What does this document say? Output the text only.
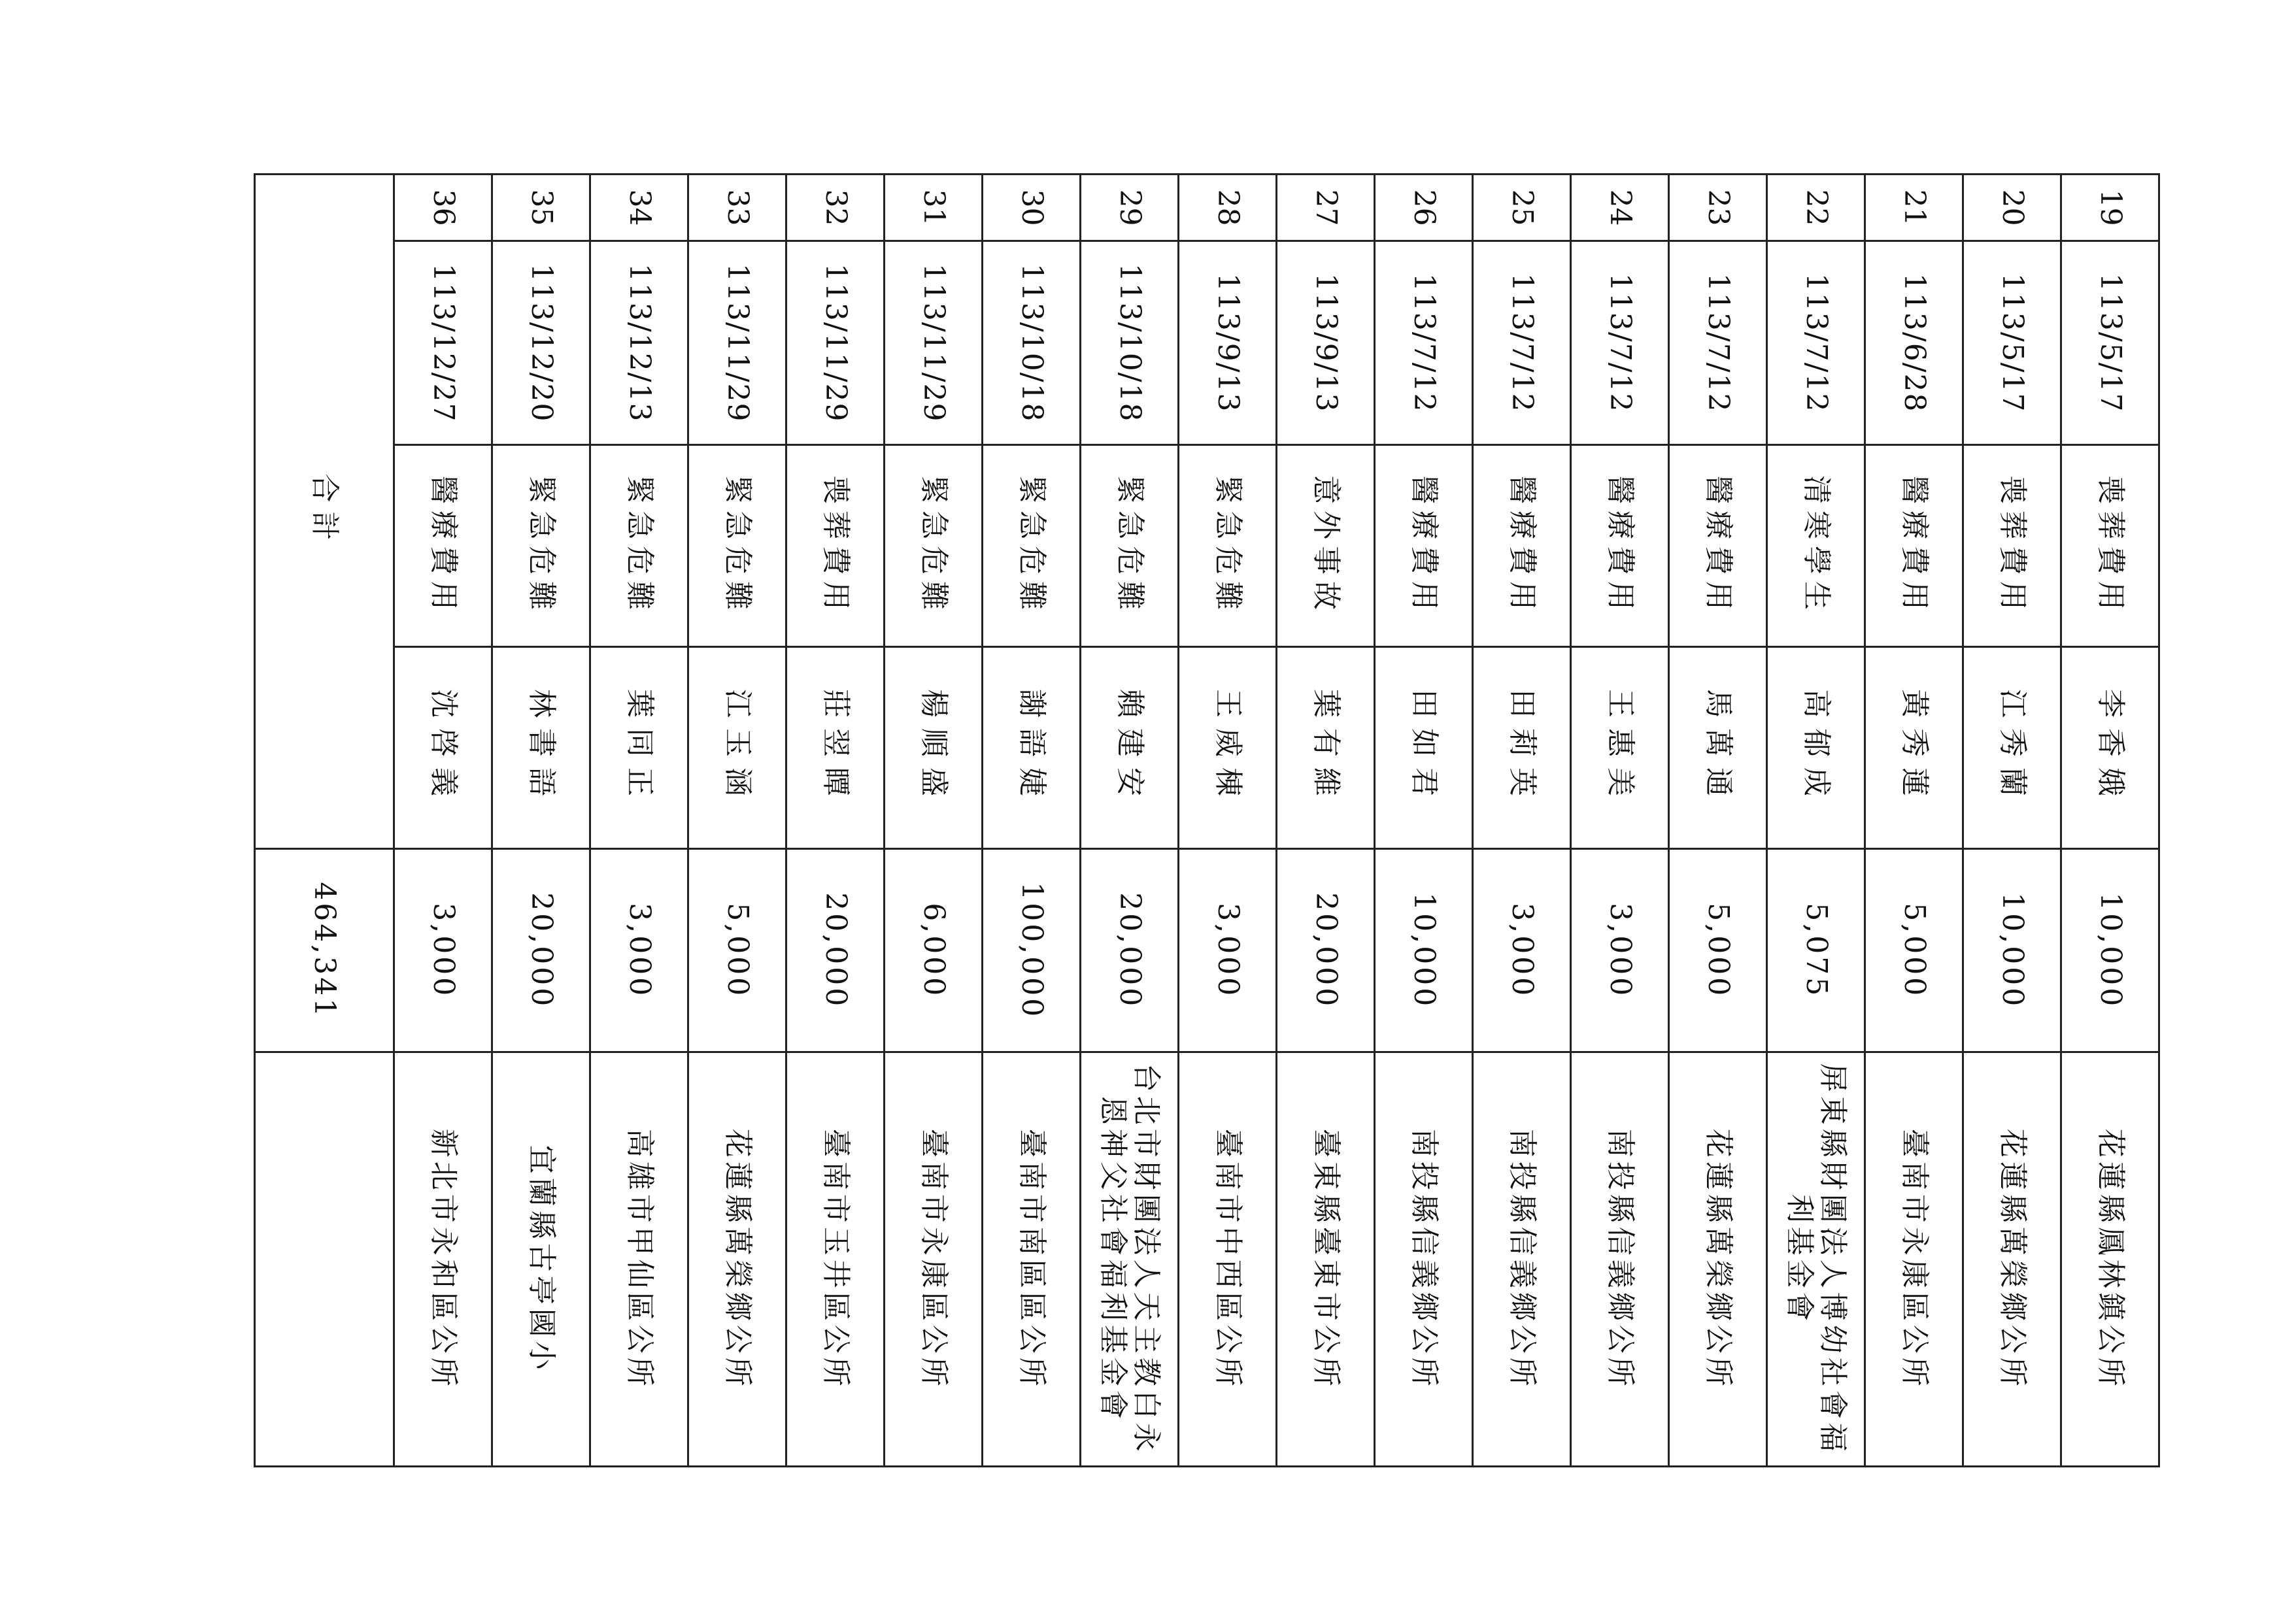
19	113/5/17	喪葬費用	李香娥	10,000	花蓮縣鳳林鎮公所
20	113/5/17	喪葬費用	江秀蘭	10,000	花蓮縣萬榮鄉公所
21	113/6/28	醫療費用	黃秀蓮	5,000	臺南市永康區公所
22	113/7/12	清寒學生	高郁成	5,075	屏東縣財團法人博幼社會福利基金會
23	113/7/12	醫療費用	馬萬通	5,000	花蓮縣萬榮鄉公所
24	113/7/12	醫療費用	王惠美	3,000	南投縣信義鄉公所
25	113/7/12	醫療費用	田莉英	3,000	南投縣信義鄉公所
26	113/7/12	醫療費用	田如君	10,000	南投縣信義鄉公所
27	113/9/13	意外事故	葉有維	20,000	臺東縣臺東市公所
28	113/9/13	緊急危難	王威棟	3,000	臺南市中西區公所
29	113/10/18	緊急危難	賴建安	20,000	台北市財團法人天主教白永恩神父社會福利基金會
30	113/10/18	緊急危難	謝語婕	100,000	臺南市南區區公所
31	113/11/29	緊急危難	楊順盛	6,000	臺南市永康區公所
32	113/11/29	喪葬費用	莊翌瞫	20,000	臺南市玉井區公所
33	113/11/29	緊急危難	江玉涵	5,000	花蓮縣萬榮鄉公所
34	113/12/13	緊急危難	葉同正	3,000	高雄市甲仙區公所
35	113/12/20	緊急危難	林書語	20,000	宜蘭縣古亭國小
36	113/12/27	醫療費用	沈啓義	3,000	新北市永和區公所
合計				464,341	
